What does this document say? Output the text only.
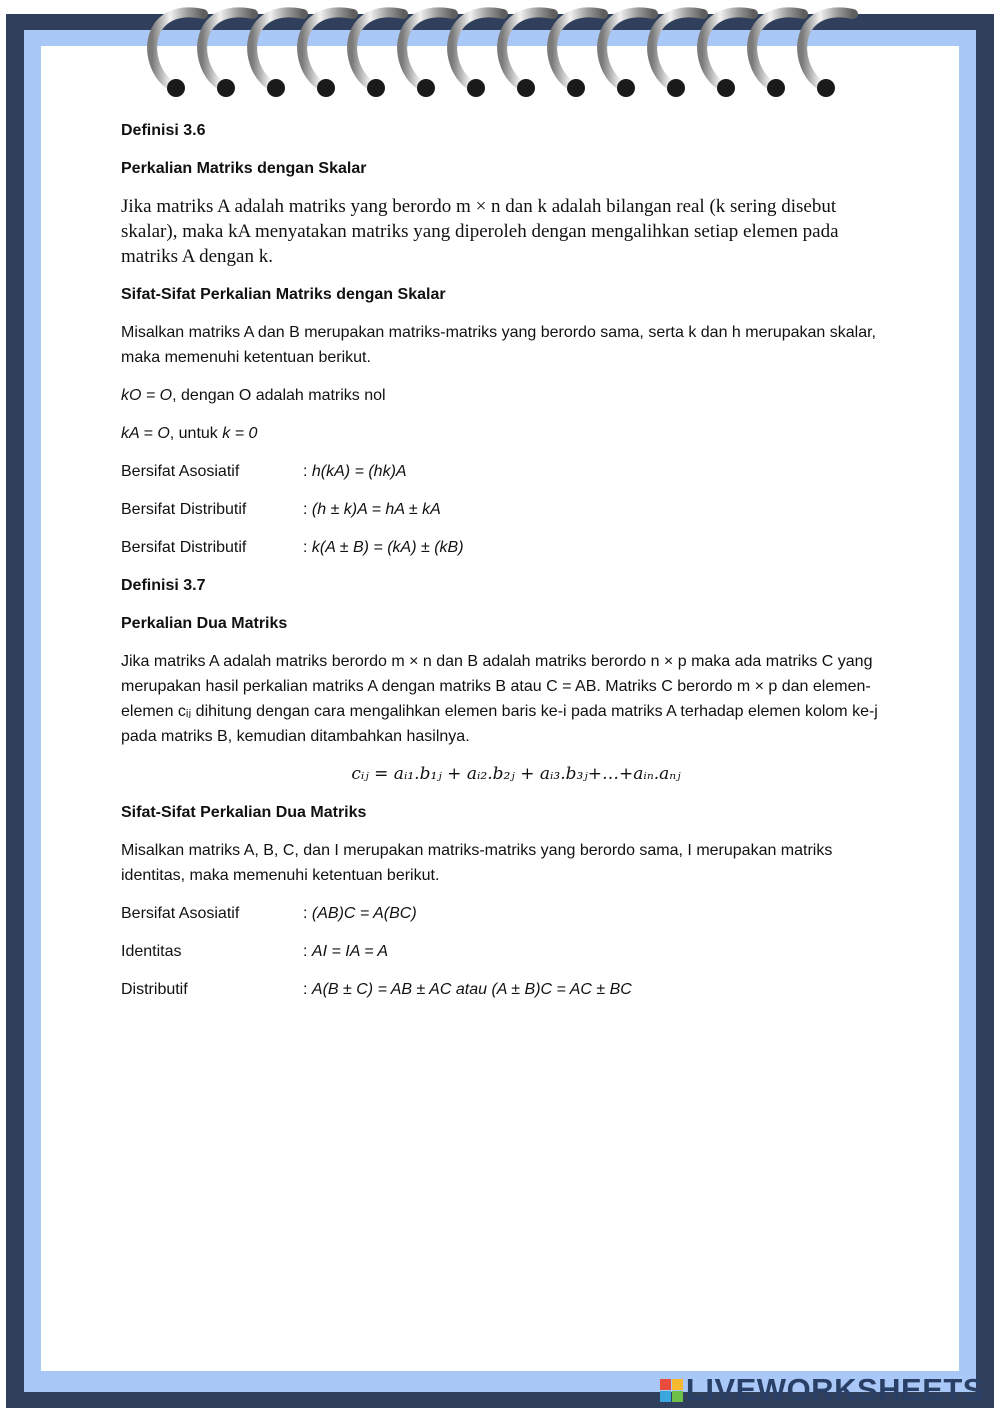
Definisi 3.6

Perkalian Matriks dengan Skalar

Jika matriks A adalah matriks yang berordo m × n dan k adalah bilangan real (k sering disebut skalar), maka kA menyatakan matriks yang diperoleh dengan mengalihkan setiap elemen pada matriks A dengan k.

Sifat-Sifat Perkalian Matriks dengan Skalar

Misalkan matriks A dan B merupakan matriks-matriks yang berordo sama, serta k dan h merupakan skalar, maka memenuhi ketentuan berikut.

kO = O, dengan O adalah matriks nol

kA = O, untuk k = 0

Bersifat Asosiatif	: h(kA) = (hk)A
Bersifat Distributif	: (h ± k)A = hA ± kA
Bersifat Distributif	: k(A ± B) = (kA) ± (kB)

Definisi 3.7

Perkalian Dua Matriks

Jika matriks A adalah matriks berordo m × n dan B adalah matriks berordo n × p maka ada matriks C yang merupakan hasil perkalian matriks A dengan matriks B atau C = AB. Matriks C berordo m × p dan elemen-elemen cᵢⱼ dihitung dengan cara mengalihkan elemen baris ke-i pada matriks A terhadap elemen kolom ke-j pada matriks B, kemudian ditambahkan hasilnya.

cᵢⱼ = aᵢ₁.b₁ⱼ + aᵢ₂.b₂ⱼ + aᵢ₃.b₃ⱼ+…+aᵢₙ.aₙⱼ

Sifat-Sifat Perkalian Dua Matriks

Misalkan matriks A, B, C, dan I merupakan matriks-matriks yang berordo sama, I merupakan matriks identitas, maka memenuhi ketentuan berikut.

Bersifat Asosiatif	: (AB)C = A(BC)
Identitas	: AI = IA = A
Distributif	: A(B ± C) = AB ± AC atau (A ± B)C = AC ± BC
LIVEWORKSHEETS
